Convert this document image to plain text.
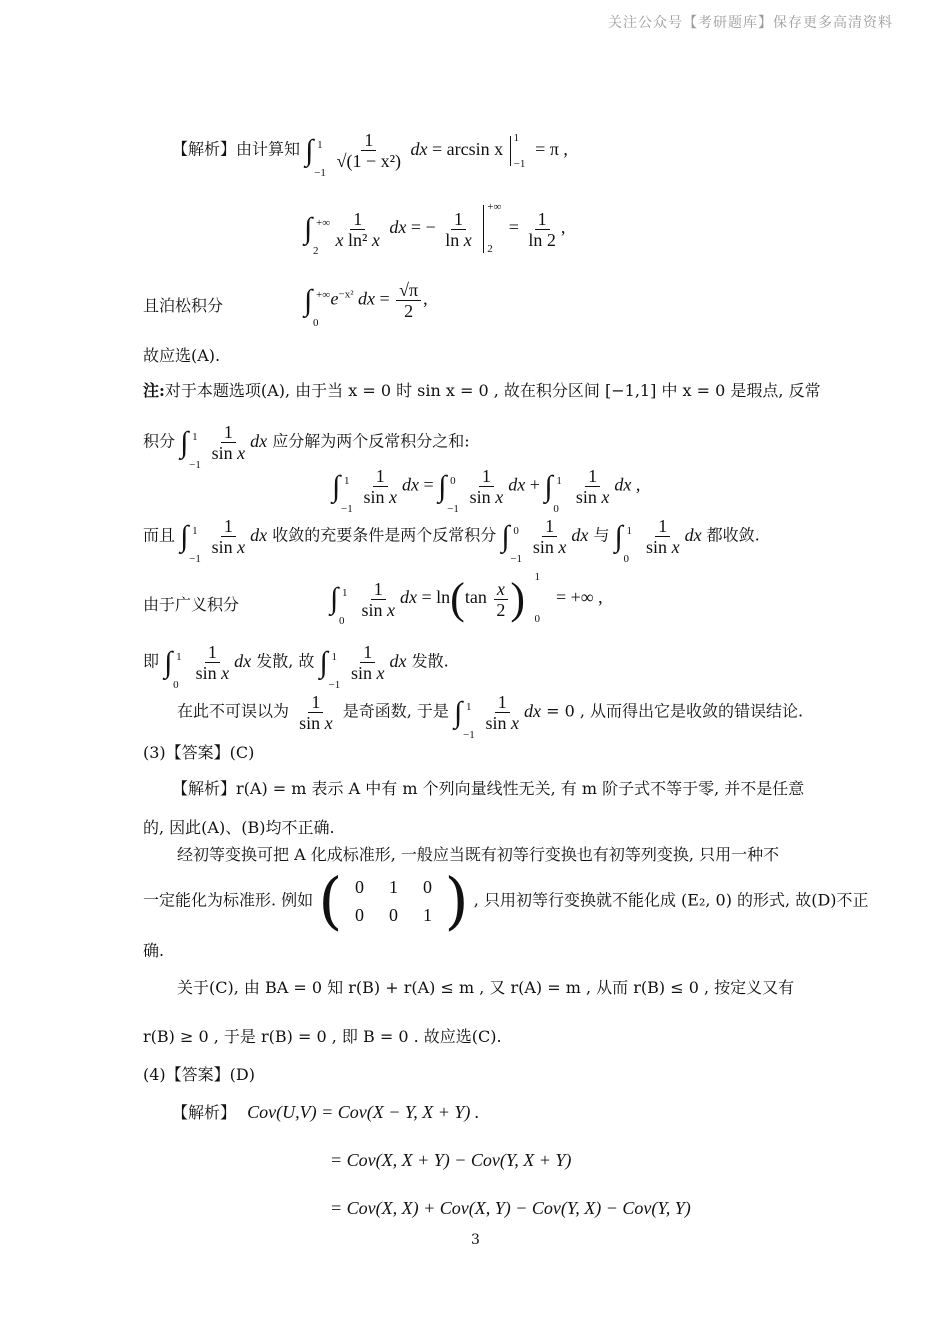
关注公众号【考研题库】保存更多高清资料
【解析】由计算知 ∫ 1
−1

$\frac{1}{\text{√(1 − x²)}}$ dx = arcsin x
1
−1
= π ,
∫ +∞
2

$\frac{1}{\text{x ln² x}}$ dx = − $\frac{1}{\text{ln x}}$

+∞
2
= $\frac{1}{\ln 2}$ ,
且泊松积分	∫ +∞
0
$e^{-x^2}$ dx = $\frac{√\pi}{2}$ ,
故应选(A).
注:对于本题选项(A), 由于当 x = 0 时 sin x = 0 , 故在积分区间 [−1,1] 中 x = 0 是瑕点, 反常
积分 ∫ 1
−1

$\frac{1}{\text{sin x}}$ dx 应分解为两个反常积分之和:
∫ 1
−1

$\frac{1}{\text{sin x}}$ dx = ∫ 0
−1

$\frac{1}{\text{sin x}}$ dx + ∫ 1
0

$\frac{1}{\text{sin x}}$ dx ,
而且 ∫ 1
−1

$\frac{1}{\text{sin x}}$ dx 收敛的充要条件是两个反常积分 ∫ 0
−1

$\frac{1}{\text{sin x}}$ dx 与 ∫ 1
0

$\frac{1}{\text{sin x}}$ dx 都收敛.
由于广义积分	∫ 1
0

$\frac{1}{\text{sin x}}$ dx = $\ln(\tan \frac{x}{2}$ ) 1
0
= +∞ ,
即 ∫ 1
0

$\frac{1}{\text{sin x}}$ dx 发散, 故 ∫ 1
−1

$\frac{1}{\text{sin x}}$ dx 发散.
在此不可误以为 $\frac{1}{\text{sin x}}$ 是奇函数, 于是 ∫ 1
−1

$\frac{1}{\text{sin x}}$ dx = 0 , 从而得出它是收敛的错误结论.
(3)【答案】(C)
【解析】r(A) = m 表示 A 中有 m 个列向量线性无关, 有 m 阶子式不等于零, 并不是任意
的, 因此(A)、(B)均不正确.
经初等变换可把 A 化成标准形, 一般应当既有初等行变换也有初等列变换, 只用一种不
一定能化为标准形. 例如 ( 0	1	0
0	0	1 ) , 只用初等行变换就不能化成 (E₂, 0) 的形式, 故(D)不正
确.
关于(C), 由 BA = 0 知 r(B) + r(A) ≤ m , 又 r(A) = m , 从而 r(B) ≤ 0 , 按定义又有
r(B) ≥ 0 , 于是 r(B) = 0 , 即 B = 0 . 故应选(C).
(4)【答案】(D)
【解析】 Cov(U,V) = Cov(X − Y, X + Y) .
= Cov(X, X + Y) − Cov(Y, X + Y)
= Cov(X, X) + Cov(X, Y) − Cov(Y, X) − Cov(Y, Y)
3
